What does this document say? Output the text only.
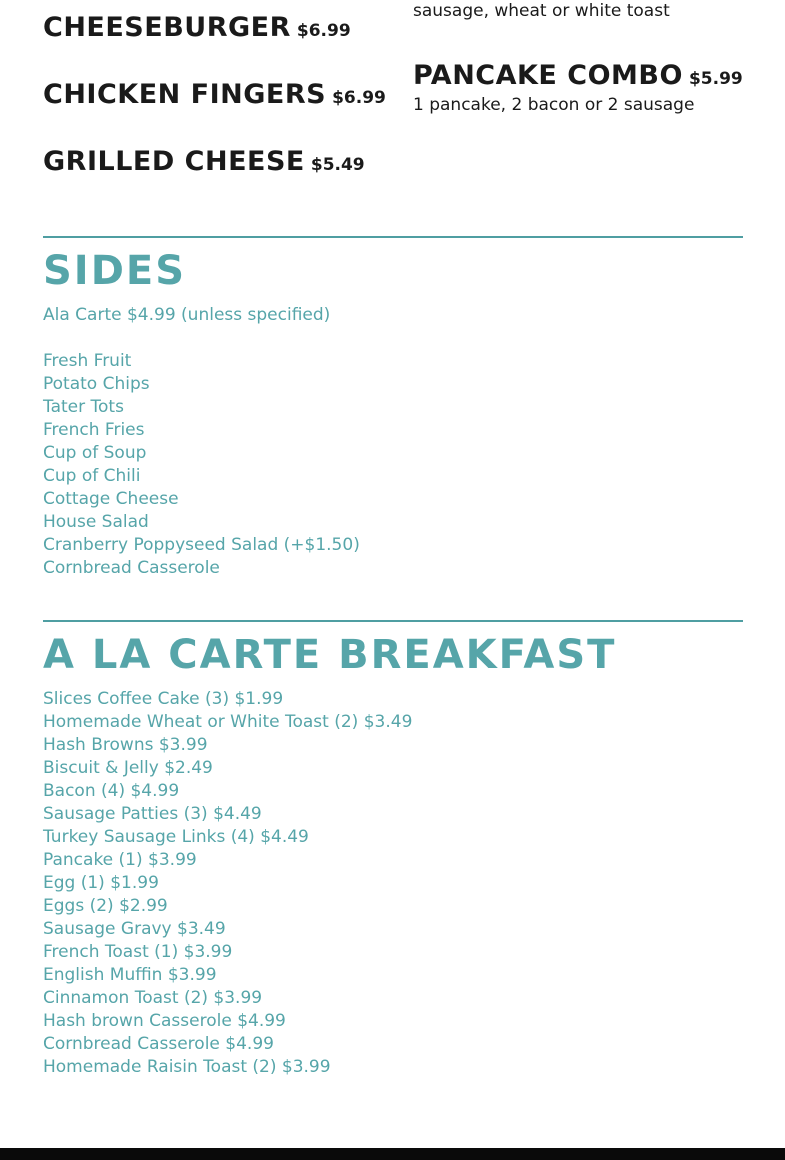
CHEESEBURGER $6.99
CHICKEN FINGERS $6.99
GRILLED CHEESE $5.49
sausage, wheat or white toast
PANCAKE COMBO $5.99
1 pancake, 2 bacon or 2 sausage
SIDES
Ala Carte $4.99 (unless specified)
Fresh Fruit
Potato Chips
Tater Tots
French Fries
Cup of Soup
Cup of Chili
Cottage Cheese
House Salad
Cranberry Poppyseed Salad (+$1.50)
Cornbread Casserole
A LA CARTE BREAKFAST
Slices Coffee Cake (3) $1.99
Homemade Wheat or White Toast (2) $3.49
Hash Browns $3.99
Biscuit & Jelly $2.49
Bacon (4) $4.99
Sausage Patties (3) $4.49
Turkey Sausage Links (4) $4.49
Pancake (1) $3.99
Egg (1) $1.99
Eggs (2) $2.99
Sausage Gravy $3.49
French Toast (1) $3.99
English Muffin $3.99
Cinnamon Toast (2) $3.99
Hash brown Casserole $4.99
Cornbread Casserole $4.99
Homemade Raisin Toast (2) $3.99
